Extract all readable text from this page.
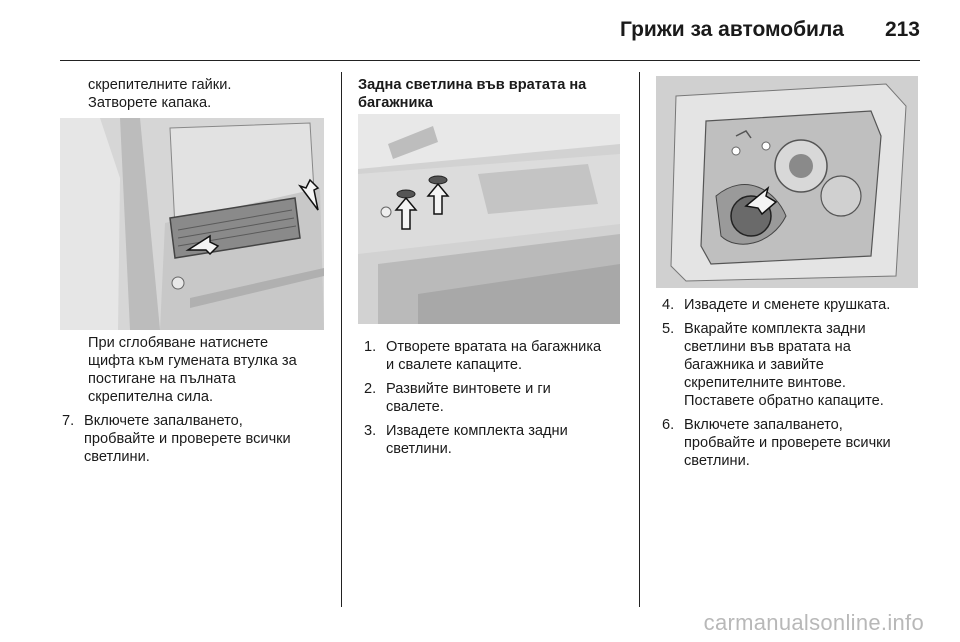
Грижи за автомобила 213

скрепителните гайки.

Затворете капака.

При сглобяване натиснете

щифта към гумената втулка за

постигане на пълната

скрепителна сила.

7. Включете запалването,
пробвайте и проверете всички
светлини.

Задна светлина във вратата на

багажника

1. Отворете вратата на багажника
и свалете капаците.
2. Развийте винтовете и ги
свалете.
3. Извадете комплекта задни
светлини.
4. Извадете и сменете крушката.
5. Вкарайте комплекта задни
светлини във вратата на
багажника и завийте
скрепителните винтове.
Поставете обратно капаците.
6. Включете запалването,
пробвайте и проверете всички
светлини.
carmanualsonline.info
